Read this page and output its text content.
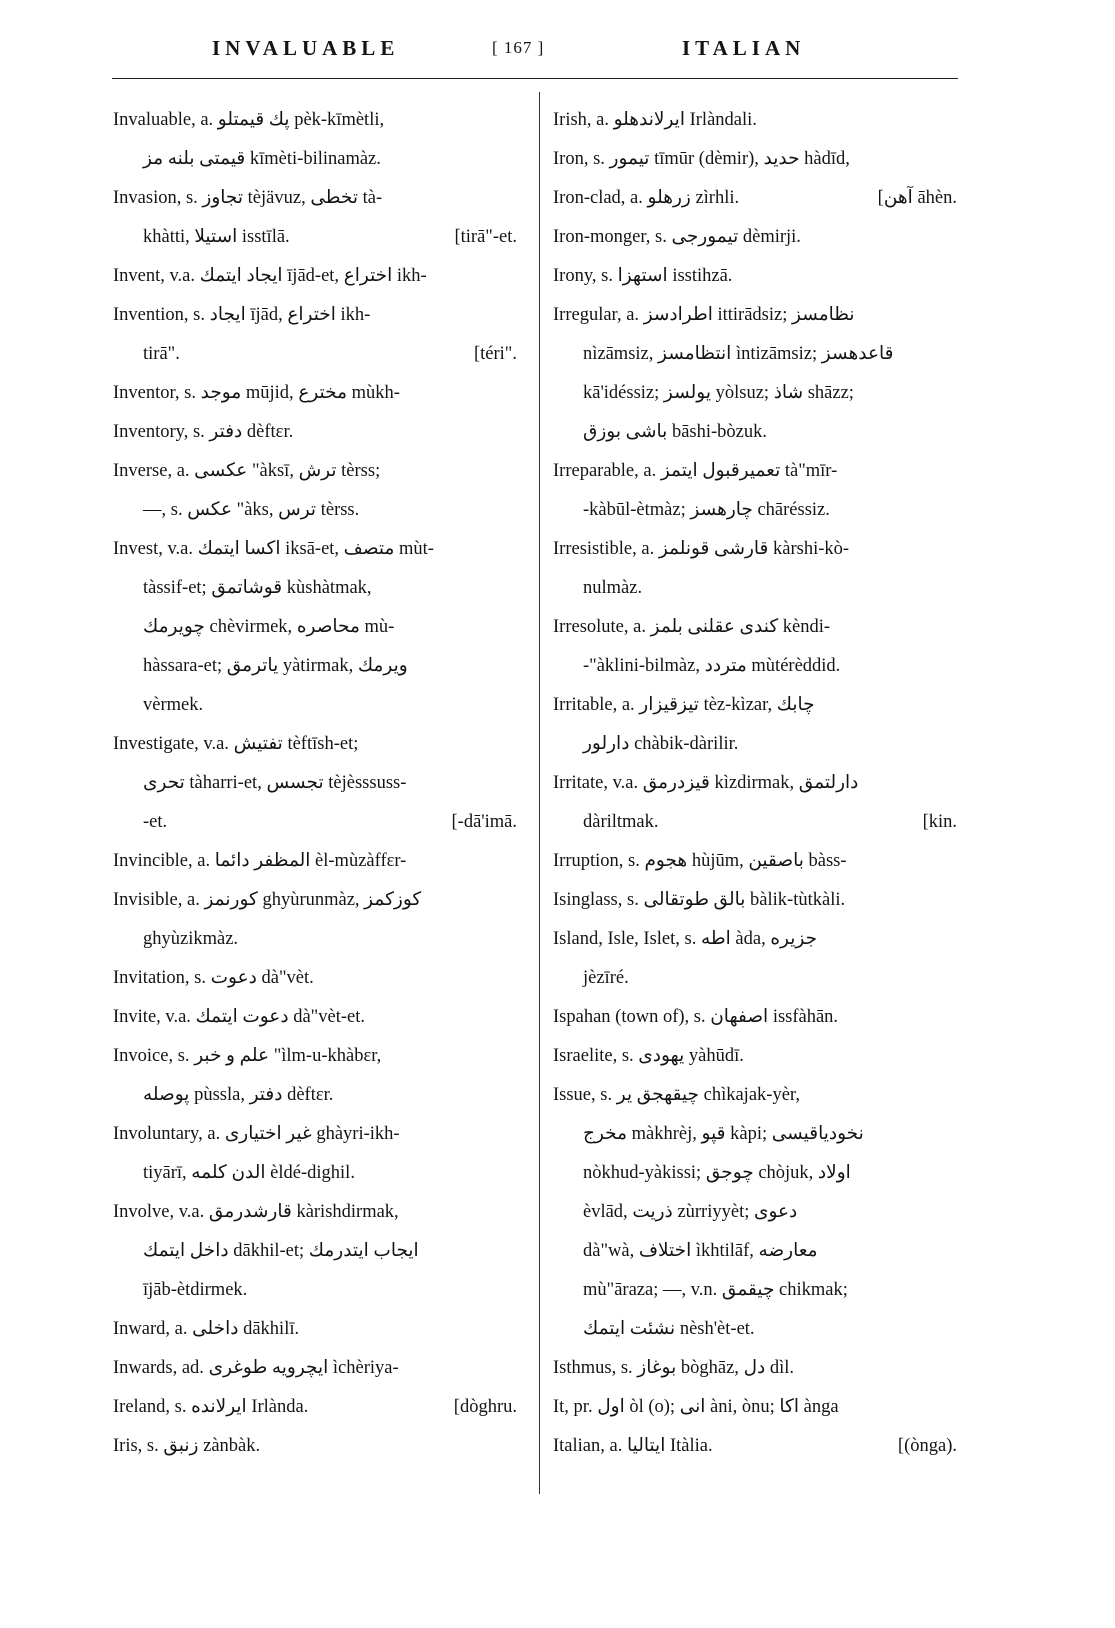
INVALUABLE	[ 167 ]	ITALIAN
Invaluable, a. پك قيمتلو pèk-kīmètli,
قيمتى بلنه مز kīmèti-bilinamàz.
Invasion, s. تجاوز tèjävuz, تخطى tà-
khàtti, استيلا isstīlā.	[tirā"-et.
Invent, v.a. ايجاد ايتمك ījād-et, اختراع ikh-
Invention, s. ايجاد ījād, اختراع ikh-
tirā".	[téri".
Inventor, s. موجد mūjid, مخترع mùkh-
Inventory, s. دفتر dèftɛr.
Inverse, a. عكسى "àksī, ترش tèrss;
—, s. عكس "àks, ترس tèrss.
Invest, v.a. اكسا ايتمك iksā-et, متصف mùt-
tàssif-et; قوشاتمق kùshàtmak,
چويرمك chèvirmek, محاصره mù-
hàssara-et; ياترمق yàtirmak, ويرمك
vèrmek.
Investigate, v.a. تفتيش tèftīsh-et;
تحرى tàharri-et, تجسس tèjèsssuss-
-et.	[-dā'imā.
Invincible, a. المظفر دائما èl-mùzàffɛr-
Invisible, a. كورنمز ghyùrunmàz, كوزكمز
ghyùzikmàz.
Invitation, s. دعوت dà"vèt.
Invite, v.a. دعوت ايتمك dà"vèt-et.
Invoice, s. علم و خبر "ìlm-u-khàbɛr,
پوصله pùssla, دفتر dèftɛr.
Involuntary, a. غير اختيارى ghàyri-ikh-
tiyārī, الدن كلمه èldé-dighil.
Involve, v.a. قارشدرمق kàrishdirmak,
داخل ايتمك dākhil-et; ايجاب ايتدرمك
ījāb-ètdirmek.
Inward, a. داخلى dākhilī.
Inwards, ad. ايچرويه طوغرى ìchèriya-
Ireland, s. ايرلانده Irlànda.	[dòghru.
Iris, s. زنبق zànbàk.
Irish, a. ايرلاندهلو Irlàndali.
Iron, s. تيمور tīmūr (dèmir), حديد hàdīd,
Iron-clad, a. زرهلو zìrhli.	[آهن āhèn.
Iron-monger, s. تيمورجى dèmirji.
Irony, s. استهزا isstihzā.
Irregular, a. اطرادسز ittirādsiz; نظامسز
nìzāmsiz, انتظامسز ìntizāmsiz; قاعدهسز
kā'idéssiz; يولسز yòlsuz; شاذ shāzz;
باشى بوزق bāshi-bòzuk.
Irreparable, a. تعميرقبول ايتمز tà"mīr-
-kàbūl-ètmàz; چارهسز chāréssiz.
Irresistible, a. قارشى قونلمز kàrshi-kò-
nulmàz.
Irresolute, a. كندى عقلنى بلمز kèndi-
-"àklini-bilmàz, متردد mùtérèddid.
Irritable, a. تيزقيزار tèz-kìzar, چابك
دارلور chàbik-dàrilir.
Irritate, v.a. قيزدرمق kìzdirmak, دارلتمق
dàriltmak.	[kin.
Irruption, s. هجوم hùjūm, باصقين bàss-
Isinglass, s. بالق طوتقالى bàlik-tùtkàli.
Island, Isle, Islet, s. اطه àda, جزيره
jèzīré.
Ispahan (town of), s. اصفهان issfàhān.
Israelite, s. يهودى yàhūdī.
Issue, s. چيقهجق ير chìkajak-yèr,
مخرج màkhrèj, قپو kàpi; نخودياقيسى
nòkhud-yàkissi; چوجق chòjuk, اولاد
èvlād, ذريت zùrriyyèt; دعوى
dà"wà, اختلاف ìkhtilāf, معارضه
mù"āraza; —, v.n. چيقمق chikmak;
نشئت ايتمك nèsh'èt-et.
Isthmus, s. بوغاز bòghāz, دل dìl.
It, pr. اول òl (o); انى àni, ònu; اكا ànga
Italian, a. ايتاليا Itàlia.	[(ònga).
